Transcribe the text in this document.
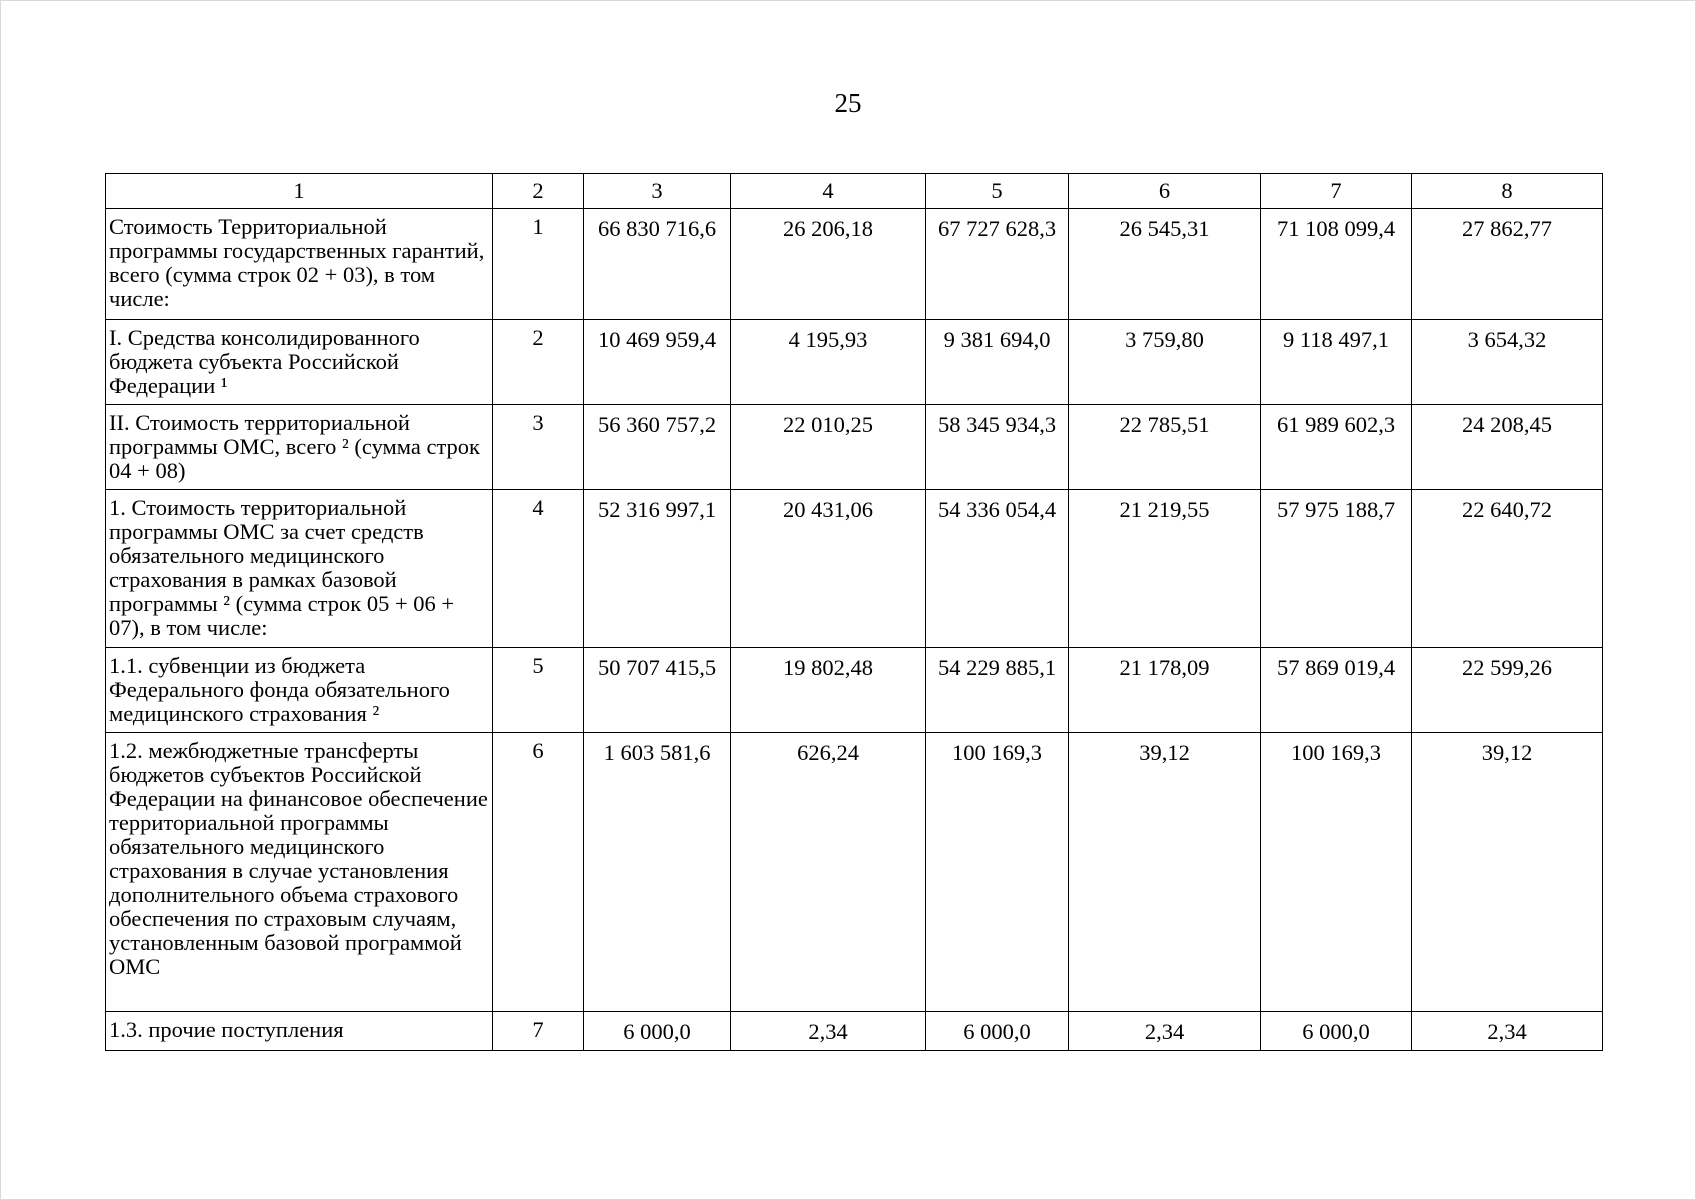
25
1	2	3	4	5	6	7	8
Стоимость Территориальной программы государственных гарантий, всего (сумма строк 02 + 03), в том числе:	1	66 830 716,6	26 206,18	67 727 628,3	26 545,31	71 108 099,4	27 862,77
I. Средства консолидированного бюджета субъекта Российской Федерации ¹	2	10 469 959,4	4 195,93	9 381 694,0	3 759,80	9 118 497,1	3 654,32
II. Стоимость территориальной программы ОМС, всего ² (сумма строк 04 + 08)	3	56 360 757,2	22 010,25	58 345 934,3	22 785,51	61 989 602,3	24 208,45
1. Стоимость территориальной программы ОМС за счет средств обязательного медицинского страхования в рамках базовой программы ² (сумма строк 05 + 06 + 07), в том числе:	4	52 316 997,1	20 431,06	54 336 054,4	21 219,55	57 975 188,7	22 640,72
1.1. субвенции из бюджета Федерального фонда обязательного медицинского страхования ²	5	50 707 415,5	19 802,48	54 229 885,1	21 178,09	57 869 019,4	22 599,26
1.2. межбюджетные трансферты бюджетов субъектов Российской Федерации на финансовое обеспечение территориальной программы обязательного медицинского страхования в случае установления дополнительного объема страхового обеспечения по страховым случаям, установленным базовой программой ОМС	6	1 603 581,6	626,24	100 169,3	39,12	100 169,3	39,12
1.3. прочие поступления	7	6 000,0	2,34	6 000,0	2,34	6 000,0	2,34
